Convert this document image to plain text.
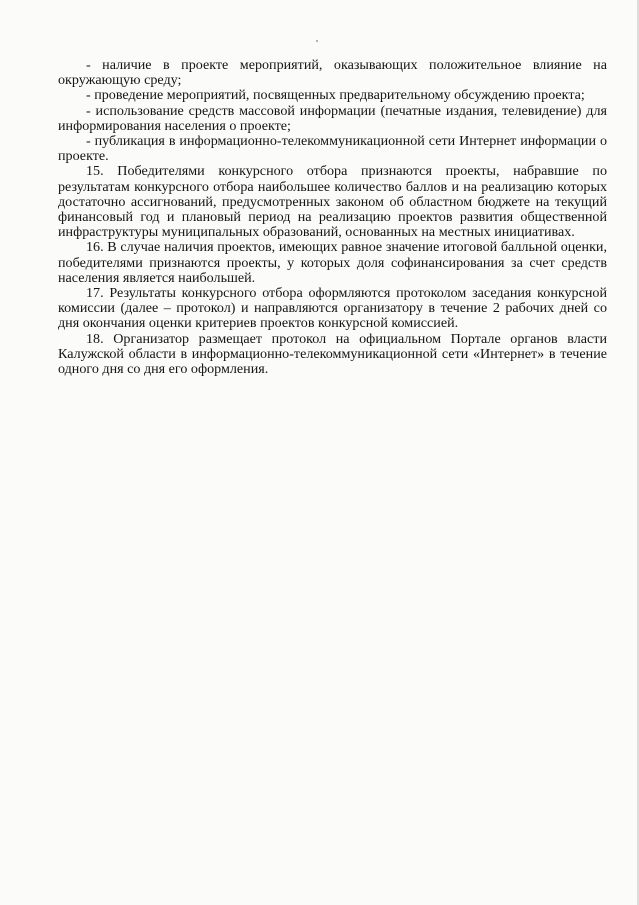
- наличие в проекте мероприятий, оказывающих положительное влияние на окружающую среду;

- проведение мероприятий, посвященных предварительному обсуждению проекта;

- использование средств массовой информации (печатные издания, телевидение) для информирования населения о проекте;

- публикация в информационно-телекоммуникационной сети Интернет информации о проекте.

15. Победителями конкурсного отбора признаются проекты, набравшие по результатам конкурсного отбора наибольшее количество баллов и на реализацию которых достаточно ассигнований, предусмотренных законом об областном бюджете на текущий финансовый год и плановый период на реализацию проектов развития общественной инфраструктуры муниципальных образований, основанных на местных инициативах.

16. В случае наличия проектов, имеющих равное значение итоговой балльной оценки, победителями признаются проекты, у которых доля софинансирования за счет средств населения является наибольшей.

17. Результаты конкурсного отбора оформляются протоколом заседания конкурсной комиссии (далее – протокол) и направляются организатору в течение 2 рабочих дней со дня окончания оценки критериев проектов конкурсной комиссией.

18. Организатор размещает протокол на официальном Портале органов власти Калужской области в информационно-телекоммуникационной сети «Интернет» в течение одного дня со дня его оформления.
